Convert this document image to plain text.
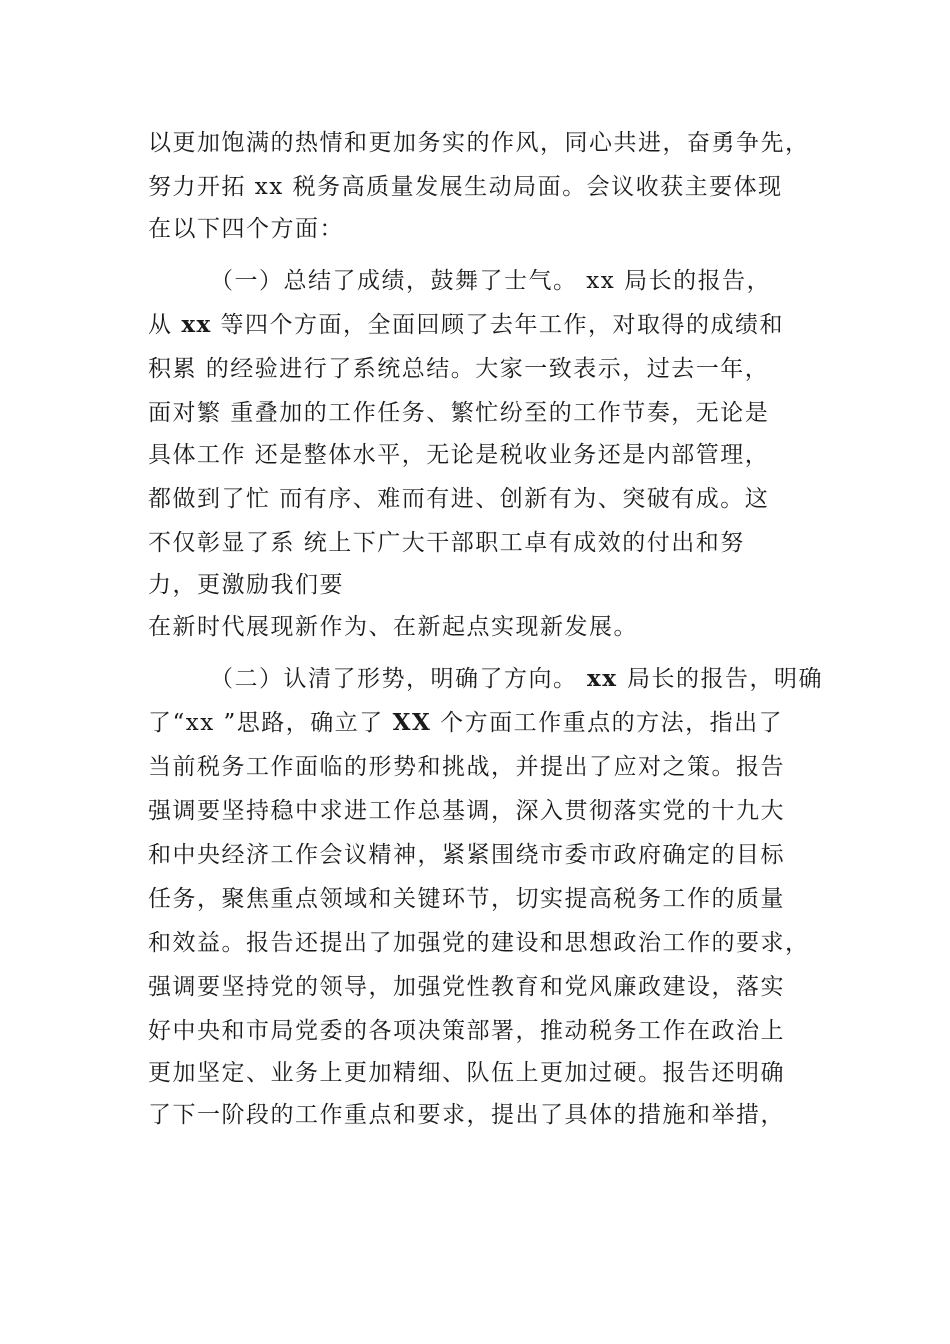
以更加饱满的热情和更加务实的作风，同心共进，奋勇争先，
努力开拓 xx 税务高质量发展生动局面。会议收获主要体现
在以下四个方面：
（一）总结了成绩，鼓舞了士气。 xx 局长的报告，
从 xx 等四个方面，全面回顾了去年工作，对取得的成绩和
积累 的经验进行了系统总结。大家一致表示，过去一年，
面对繁 重叠加的工作任务、繁忙纷至的工作节奏，无论是
具体工作 还是整体水平，无论是税收业务还是内部管理，
都做到了忙 而有序、难而有进、创新有为、突破有成。这
不仅彰显了系 统上下广大干部职工卓有成效的付出和努
力，更激励我们要
在新时代展现新作为、在新起点实现新发展。
（二）认清了形势，明确了方向。 xx 局长的报告，明确
了“xx ”思路，确立了 XX 个方面工作重点的方法，指出了
当前税务工作面临的形势和挑战，并提出了应对之策。报告
强调要坚持稳中求进工作总基调，深入贯彻落实党的十九大
和中央经济工作会议精神，紧紧围绕市委市政府确定的目标
任务，聚焦重点领域和关键环节，切实提高税务工作的质量
和效益。报告还提出了加强党的建设和思想政治工作的要求，
强调要坚持党的领导，加强党性教育和党风廉政建设，落实
好中央和市局党委的各项决策部署，推动税务工作在政治上
更加坚定、业务上更加精细、队伍上更加过硬。报告还明确
了下一阶段的工作重点和要求，提出了具体的措施和举措，
